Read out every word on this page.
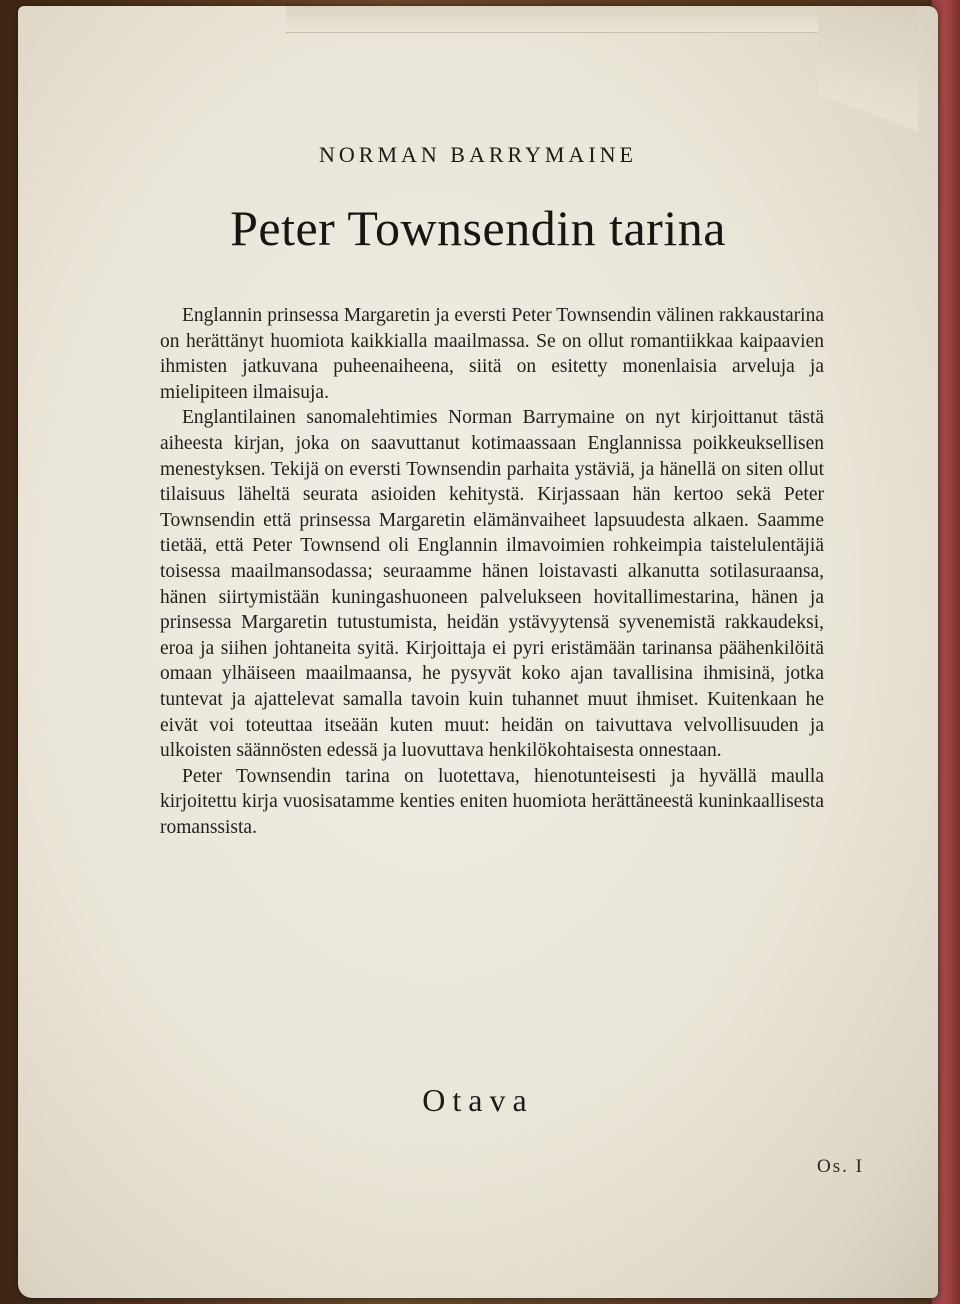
NORMAN BARRYMAINE
Peter Townsendin tarina

Englannin prinsessa Margaretin ja eversti Peter Townsendin välinen rakkaustarina on herättänyt huomiota kaikkialla maailmassa. Se on ollut romantiikkaa kaipaavien ihmisten jatkuvana puheenaiheena, siitä on esitetty monenlaisia arveluja ja mielipiteen ilmaisuja.

Englantilainen sanomalehtimies Norman Barrymaine on nyt kirjoittanut tästä aiheesta kirjan, joka on saavuttanut kotimaassaan Englannissa poikkeuksellisen menestyksen. Tekijä on eversti Townsendin parhaita ystäviä, ja hänellä on siten ollut tilaisuus läheltä seurata asioiden kehitystä. Kirjassaan hän kertoo sekä Peter Townsendin että prinsessa Margaretin elämänvaiheet lapsuudesta alkaen. Saamme tietää, että Peter Townsend oli Englannin ilmavoimien rohkeimpia taistelulentäjiä toisessa maailmansodassa; seuraamme hänen loistavasti alkanutta sotilasuraansa, hänen siirtymistään kuningashuoneen palvelukseen hovitallimestarina, hänen ja prinsessa Margaretin tutustumista, heidän ystävyytensä syvenemistä rakkaudeksi, eroa ja siihen johtaneita syitä. Kirjoittaja ei pyri eristämään tarinansa päähenkilöitä omaan ylhäiseen maailmaansa, he pysyvät koko ajan tavallisina ihmisinä, jotka tuntevat ja ajattelevat samalla tavoin kuin tuhannet muut ihmiset. Kuitenkaan he eivät voi toteuttaa itseään kuten muut: heidän on taivuttava velvollisuuden ja ulkoisten säännösten edessä ja luovuttava henkilökohtaisesta onnestaan.

Peter Townsendin tarina on luotettava, hienotunteisesti ja hyvällä maulla kirjoitettu kirja vuosisatamme kenties eniten huomiota herättäneestä kuninkaallisesta romanssista.

Otava
Os. I
